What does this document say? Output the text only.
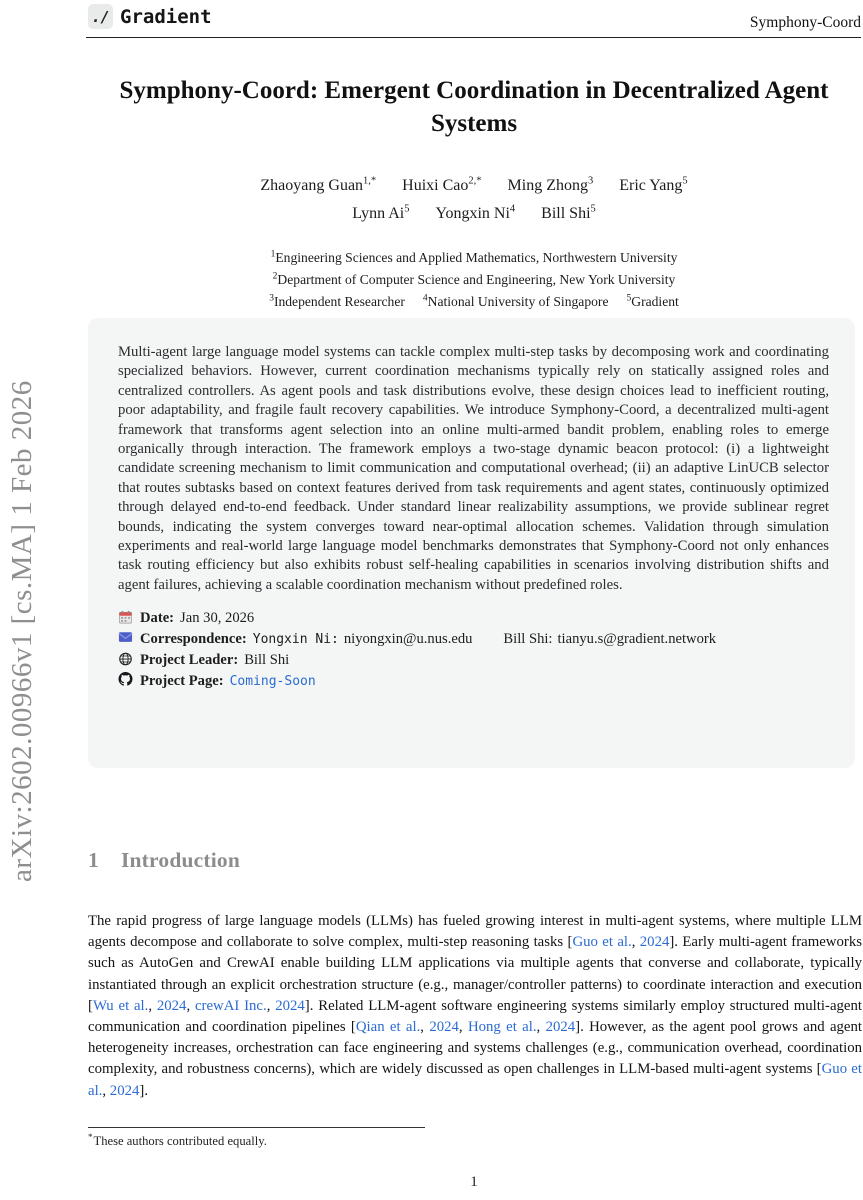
arXiv:2602.00966v1 [cs.MA] 1 Feb 2026
./ Gradient	Symphony-Coord
Symphony-Coord: Emergent Coordination in Decentralized Agent Systems
Zhaoyang Guan$^{1,*}$ Huixi Cao$^{2,*}$ Ming Zhong$^3$ Eric Yang$^5$
Lynn Ai$^5$ Yongxin Ni$^4$ Bill Shi$^5$
$^1$Engineering Sciences and Applied Mathematics, Northwestern University
$^2$Department of Computer Science and Engineering, New York University
$^3$Independent Researcher $^4$National University of Singapore $^5$Gradient

Multi-agent large language model systems can tackle complex multi-step tasks by decomposing work and coordinating specialized behaviors. However, current coordination mechanisms typically rely on statically assigned roles and centralized controllers. As agent pools and task distributions evolve, these design choices lead to inefficient routing, poor adaptability, and fragile fault recovery capabilities. We introduce Symphony-Coord, a decentralized multi-agent framework that transforms agent selection into an online multi-armed bandit problem, enabling roles to emerge organically through interaction. The framework employs a two-stage dynamic beacon protocol: (i) a lightweight candidate screening mechanism to limit communication and computational overhead; (ii) an adaptive LinUCB selector that routes subtasks based on context features derived from task requirements and agent states, continuously optimized through delayed end-to-end feedback. Under standard linear realizability assumptions, we provide sublinear regret bounds, indicating the system converges toward near-optimal allocation schemes. Validation through simulation experiments and real-world large language model benchmarks demonstrates that Symphony-Coord not only enhances task routing efficiency but also exhibits robust self-healing capabilities in scenarios involving distribution shifts and agent failures, achieving a scalable coordination mechanism without predefined roles.

Date: Jan 30, 2026
Correspondence: Yongxin Ni: niyongxin@u.nus.edu Bill Shi: tianyu.s@gradient.network
Project Leader: Bill Shi
Project Page: Coming-Soon
1 Introduction

The rapid progress of large language models (LLMs) has fueled growing interest in multi-agent systems, where multiple LLM agents decompose and collaborate to solve complex, multi-step reasoning tasks [Guo et al., 2024]. Early multi-agent frameworks such as AutoGen and CrewAI enable building LLM applications via multiple agents that converse and collaborate, typically instantiated through an explicit orchestration structure (e.g., manager/controller patterns) to coordinate interaction and execution [Wu et al., 2024, crewAI Inc., 2024]. Related LLM-agent software engineering systems similarly employ structured multi-agent communication and coordination pipelines [Qian et al., 2024, Hong et al., 2024]. However, as the agent pool grows and agent heterogeneity increases, orchestration can face engineering and systems challenges (e.g., communication overhead, coordination complexity, and robustness concerns), which are widely discussed as open challenges in LLM-based multi-agent systems [Guo et al., 2024].

*These authors contributed equally.

1
